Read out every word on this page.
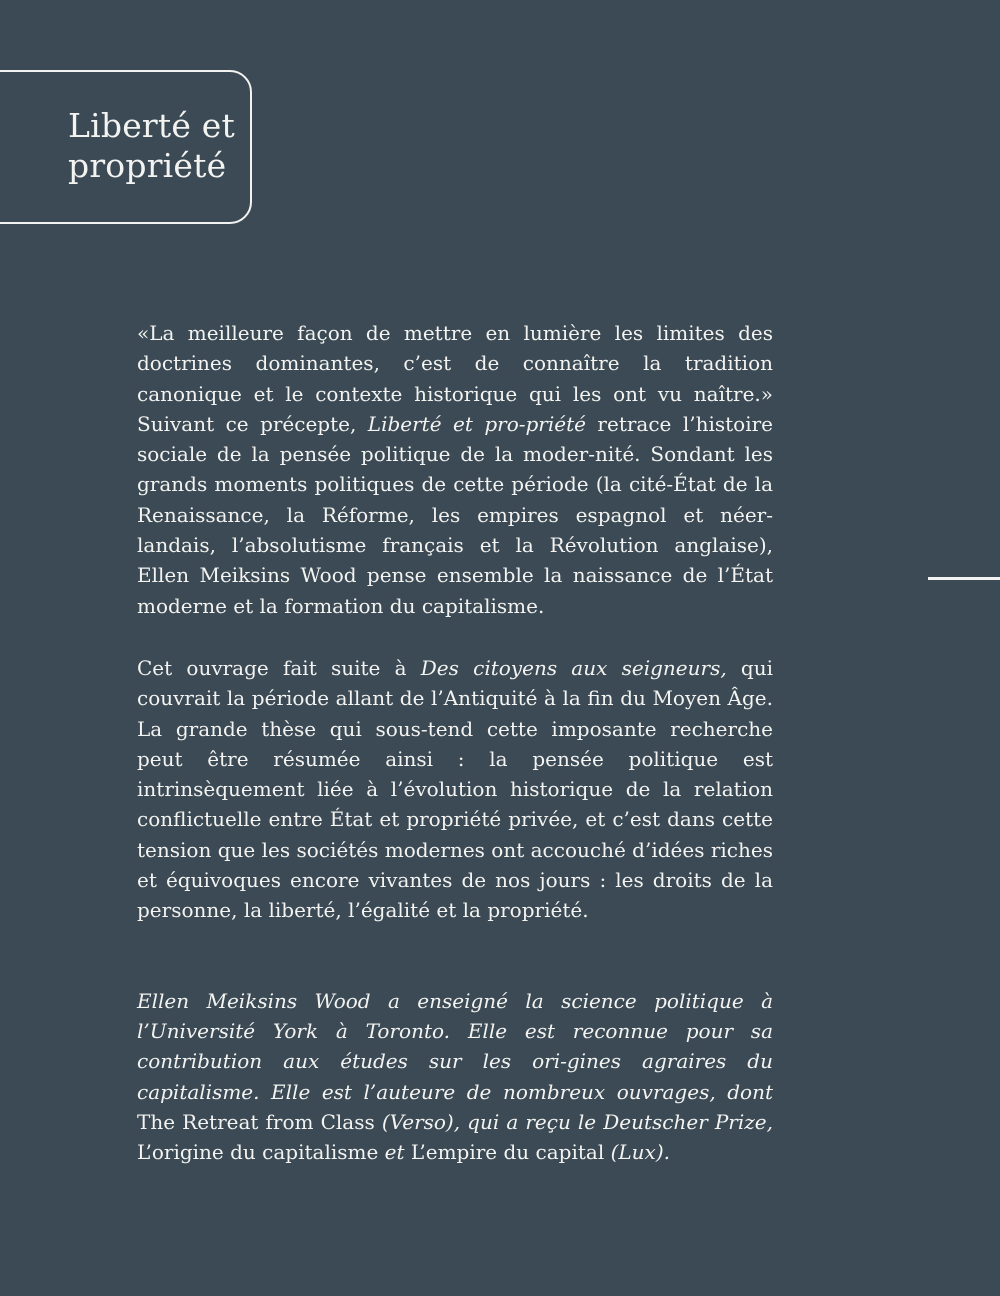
Liberté et
propriété

«La meilleure façon de mettre en lumière les limites des doctrines dominantes, c’est de connaître la tradition canonique et le contexte historique qui les ont vu naître.» Suivant ce précepte, Liberté et pro-priété retrace l’histoire sociale de la pensée politique de la moder-nité. Sondant les grands moments politiques de cette période (la cité-État de la Renaissance, la Réforme, les empires espagnol et néer-landais, l’absolutisme français et la Révolution anglaise), Ellen Meiksins Wood pense ensemble la naissance de l’État moderne et la formation du capitalisme.

Cet ouvrage fait suite à Des citoyens aux seigneurs, qui couvrait la période allant de l’Antiquité à la fin du Moyen Âge. La grande thèse qui sous-tend cette imposante recherche peut être résumée ainsi : la pensée politique est intrinsèquement liée à l’évolution historique de la relation conflictuelle entre État et propriété privée, et c’est dans cette tension que les sociétés modernes ont accouché d’idées riches et équivoques encore vivantes de nos jours : les droits de la personne, la liberté, l’égalité et la propriété.

Ellen Meiksins Wood a enseigné la science politique à l’Université York à Toronto. Elle est reconnue pour sa contribution aux études sur les ori-gines agraires du capitalisme. Elle est l’auteure de nombreux ouvrages, dont The Retreat from Class (Verso), qui a reçu le Deutscher Prize, L’origine du capitalisme et L’empire du capital (Lux).
